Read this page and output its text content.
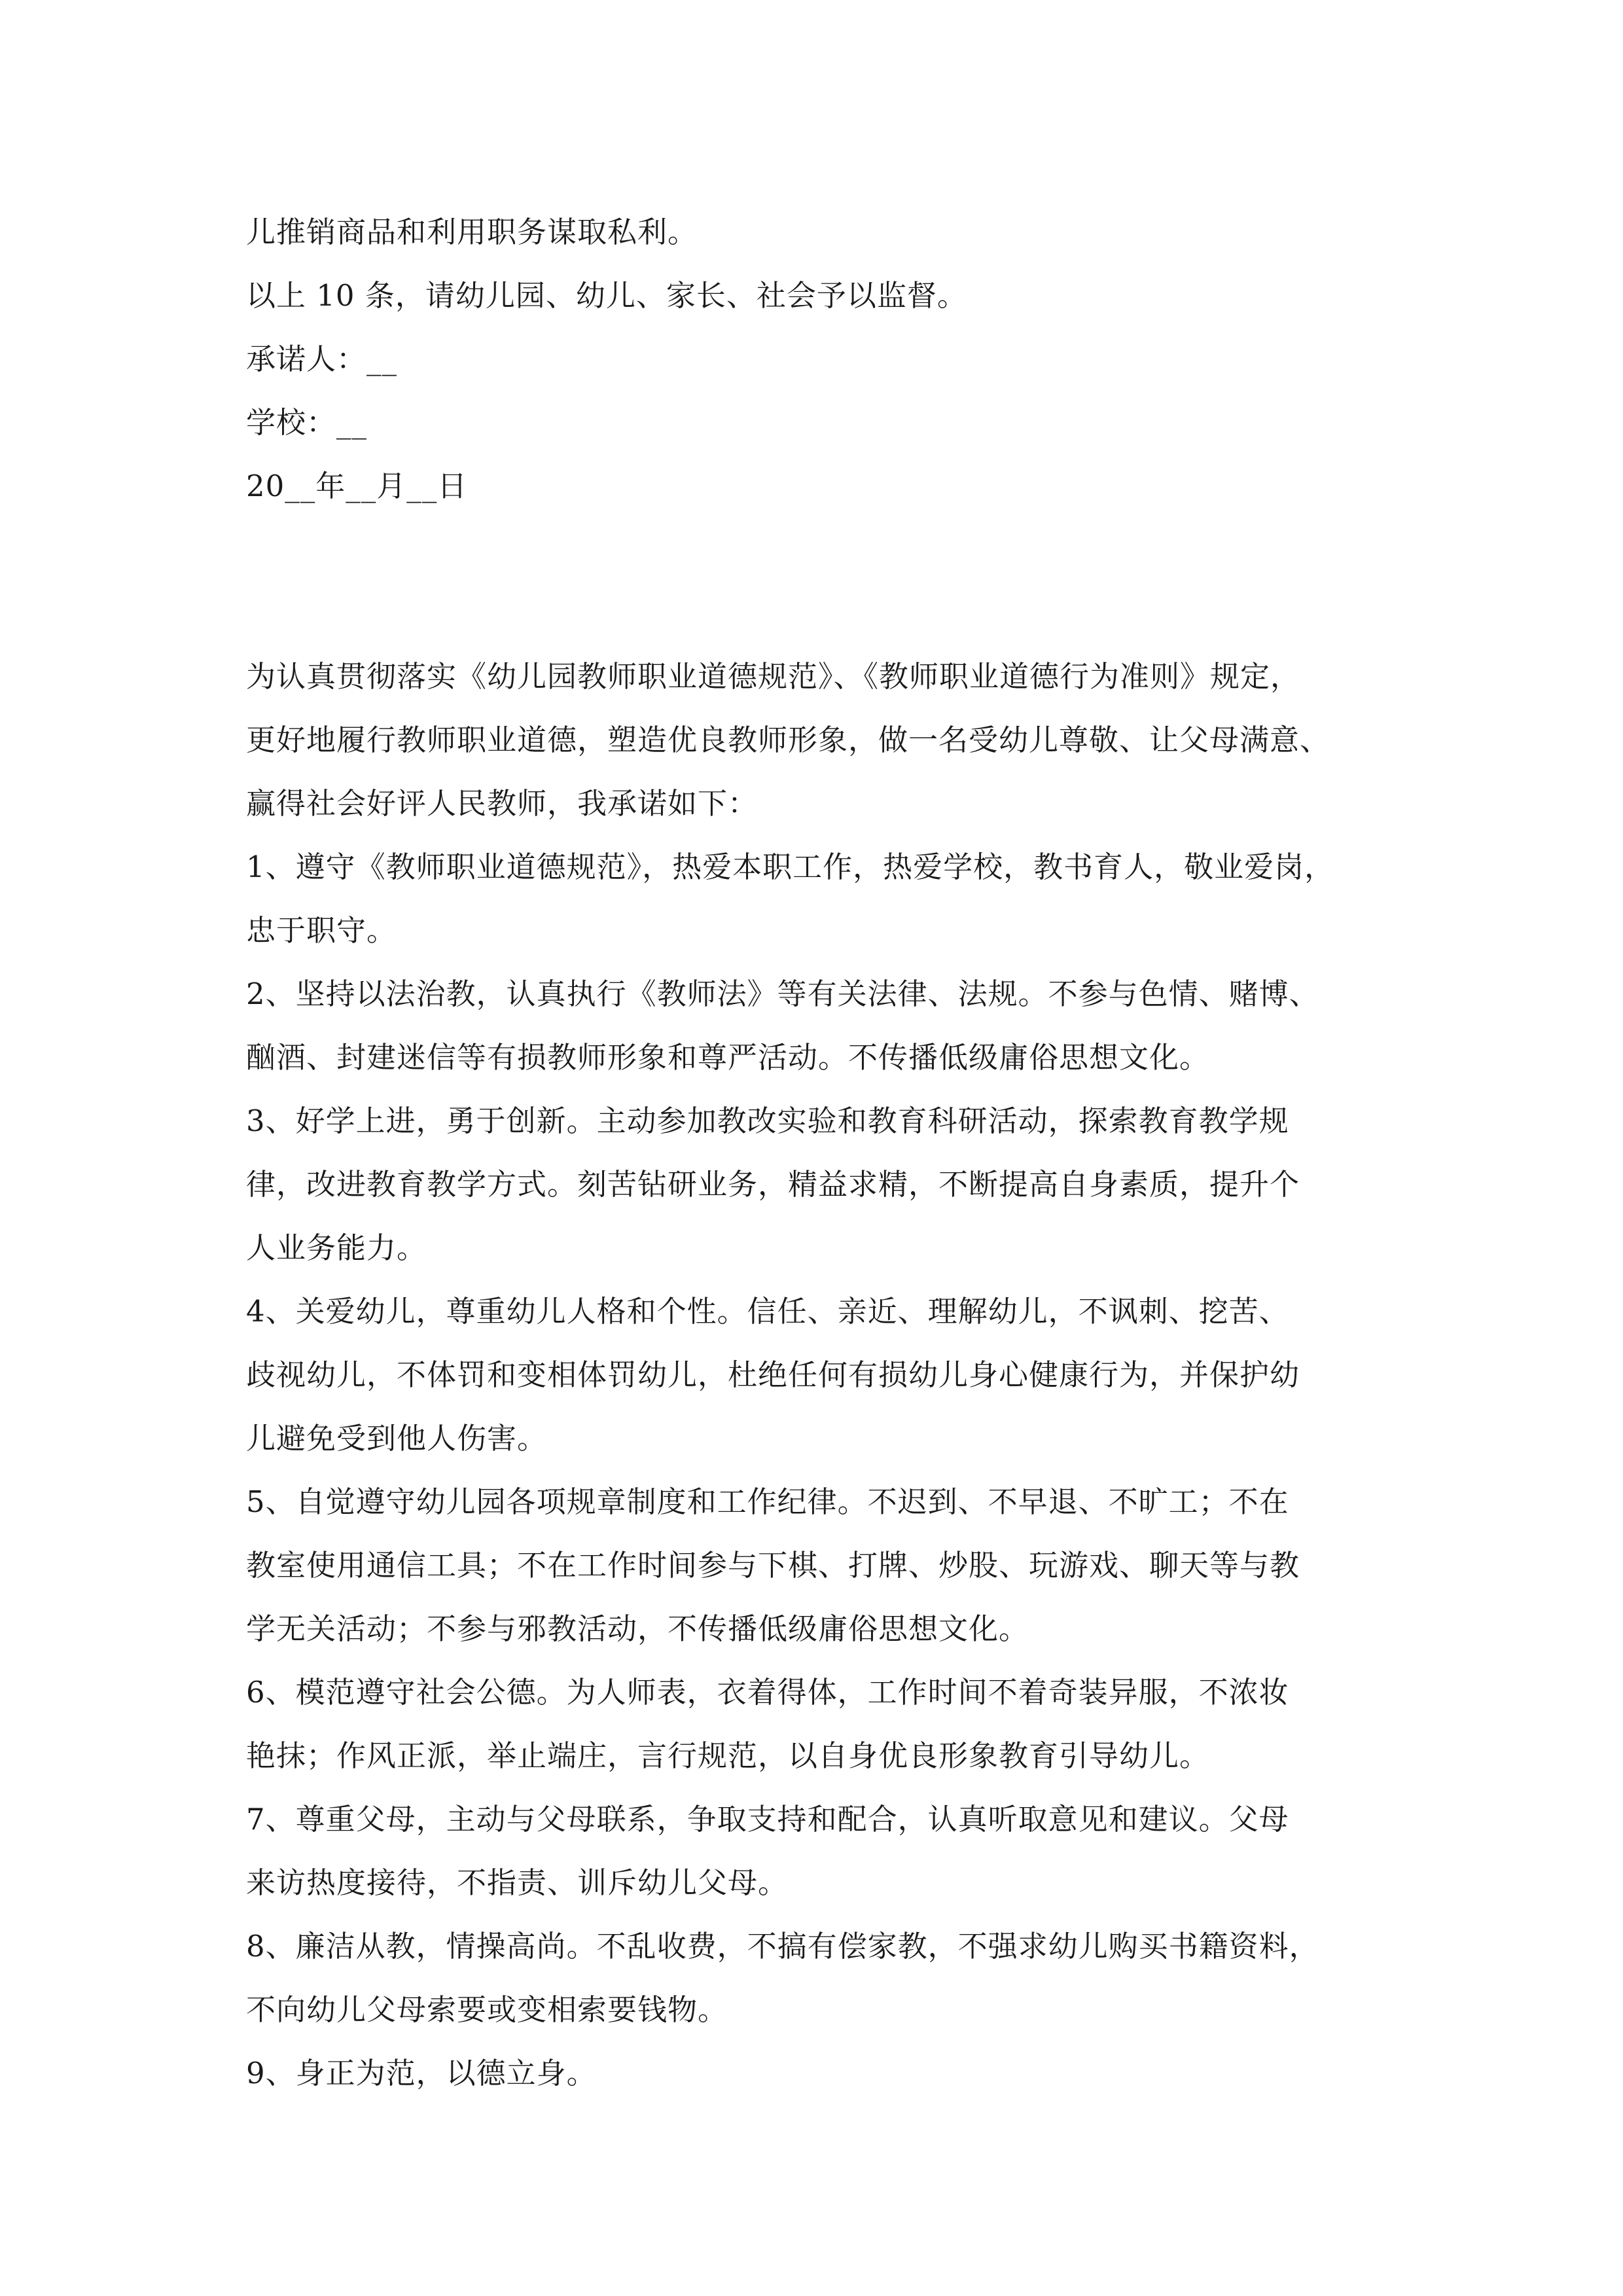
儿推销商品和利用职务谋取私利。
以上 10 条，请幼儿园、幼儿、家长、社会予以监督。
承诺人：__
学校：__
20__年__月__日
为认真贯彻落实《幼儿园教师职业道德规范》、《教师职业道德行为准则》规定，
更好地履行教师职业道德，塑造优良教师形象，做一名受幼儿尊敬、让父母满意、
赢得社会好评人民教师，我承诺如下：
1、遵守《教师职业道德规范》，热爱本职工作，热爱学校，教书育人，敬业爱岗，
忠于职守。
2、坚持以法治教，认真执行《教师法》等有关法律、法规。不参与色情、赌博、
酗酒、封建迷信等有损教师形象和尊严活动。不传播低级庸俗思想文化。
3、好学上进，勇于创新。主动参加教改实验和教育科研活动，探索教育教学规
律，改进教育教学方式。刻苦钻研业务，精益求精，不断提高自身素质，提升个
人业务能力。
4、关爱幼儿，尊重幼儿人格和个性。信任、亲近、理解幼儿，不讽刺、挖苦、
歧视幼儿，不体罚和变相体罚幼儿，杜绝任何有损幼儿身心健康行为，并保护幼
儿避免受到他人伤害。
5、自觉遵守幼儿园各项规章制度和工作纪律。不迟到、不早退、不旷工；不在
教室使用通信工具；不在工作时间参与下棋、打牌、炒股、玩游戏、聊天等与教
学无关活动；不参与邪教活动，不传播低级庸俗思想文化。
6、模范遵守社会公德。为人师表，衣着得体，工作时间不着奇装异服，不浓妆
艳抹；作风正派，举止端庄，言行规范，以自身优良形象教育引导幼儿。
7、尊重父母，主动与父母联系，争取支持和配合，认真听取意见和建议。父母
来访热度接待，不指责、训斥幼儿父母。
8、廉洁从教，情操高尚。不乱收费，不搞有偿家教，不强求幼儿购买书籍资料，
不向幼儿父母索要或变相索要钱物。
9、身正为范，以德立身。
